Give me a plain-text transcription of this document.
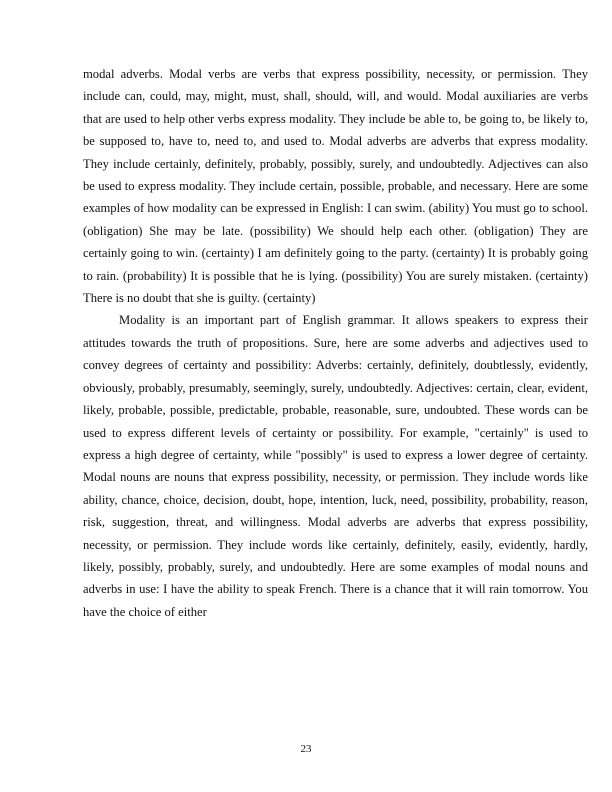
modal adverbs. Modal verbs are verbs that express possibility, necessity, or permission. They include can, could, may, might, must, shall, should, will, and would. Modal auxiliaries are verbs that are used to help other verbs express modality. They include be able to, be going to, be likely to, be supposed to, have to, need to, and used to. Modal adverbs are adverbs that express modality. They include certainly, definitely, probably, possibly, surely, and undoubtedly. Adjectives can also be used to express modality. They include certain, possible, probable, and necessary. Here are some examples of how modality can be expressed in English: I can swim. (ability) You must go to school. (obligation) She may be late. (possibility) We should help each other. (obligation) They are certainly going to win. (certainty) I am definitely going to the party. (certainty) It is probably going to rain. (probability) It is possible that he is lying. (possibility) You are surely mistaken. (certainty) There is no doubt that she is guilty. (certainty)

Modality is an important part of English grammar. It allows speakers to express their attitudes towards the truth of propositions. Sure, here are some adverbs and adjectives used to convey degrees of certainty and possibility: Adverbs: certainly, definitely, doubtlessly, evidently, obviously, probably, presumably, seemingly, surely, undoubtedly. Adjectives: certain, clear, evident, likely, probable, possible, predictable, probable, reasonable, sure, undoubted. These words can be used to express different levels of certainty or possibility. For example, "certainly" is used to express a high degree of certainty, while "possibly" is used to express a lower degree of certainty. Modal nouns are nouns that express possibility, necessity, or permission. They include words like ability, chance, choice, decision, doubt, hope, intention, luck, need, possibility, probability, reason, risk, suggestion, threat, and willingness. Modal adverbs are adverbs that express possibility, necessity, or permission. They include words like certainly, definitely, easily, evidently, hardly, likely, possibly, probably, surely, and undoubtedly. Here are some examples of modal nouns and adverbs in use: I have the ability to speak French. There is a chance that it will rain tomorrow. You have the choice of either

23
